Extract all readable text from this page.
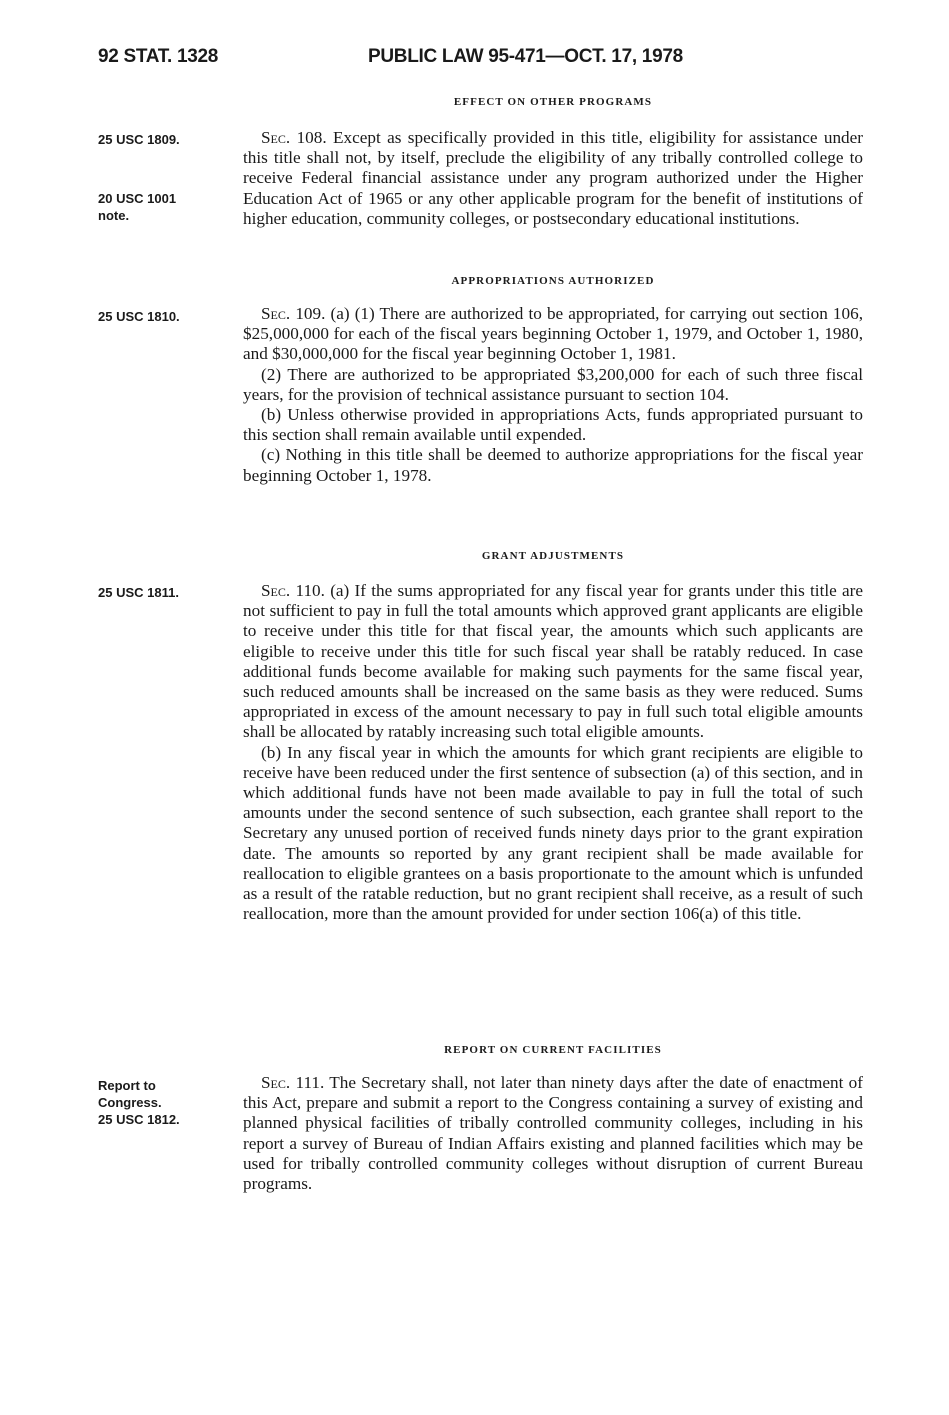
92 STAT. 1328	PUBLIC LAW 95-471—OCT. 17, 1978
EFFECT ON OTHER PROGRAMS
25 USC 1809.
20 USC 1001 note.

Sec. 108. Except as specifically provided in this title, eligibility for assistance under this title shall not, by itself, preclude the eligibility of any tribally controlled college to receive Federal financial assistance under any program authorized under the Higher Education Act of 1965 or any other applicable program for the benefit of institutions of higher education, community colleges, or postsecondary educational institutions.

APPROPRIATIONS AUTHORIZED
25 USC 1810.	Sec. 109. (a) (1) There are authorized to be appropriated, for carrying out section 106, $25,000,000 for each of the fiscal years beginning October 1, 1979, and October 1, 1980, and $30,000,000 for the fiscal year beginning October 1, 1981.

(2) There are authorized to be appropriated $3,200,000 for each of such three fiscal years, for the provision of technical assistance pursuant to section 104.

(b) Unless otherwise provided in appropriations Acts, funds appropriated pursuant to this section shall remain available until expended.

(c) Nothing in this title shall be deemed to authorize appropriations for the fiscal year beginning October 1, 1978.

GRANT ADJUSTMENTS
25 USC 1811.	Sec. 110. (a) If the sums appropriated for any fiscal year for grants under this title are not sufficient to pay in full the total amounts which approved grant applicants are eligible to receive under this title for that fiscal year, the amounts which such applicants are eligible to receive under this title for such fiscal year shall be ratably reduced. In case additional funds become available for making such payments for the same fiscal year, such reduced amounts shall be increased on the same basis as they were reduced. Sums appropriated in excess of the amount necessary to pay in full such total eligible amounts shall be allocated by ratably increasing such total eligible amounts.

(b) In any fiscal year in which the amounts for which grant recipients are eligible to receive have been reduced under the first sentence of subsection (a) of this section, and in which additional funds have not been made available to pay in full the total of such amounts under the second sentence of such subsection, each grantee shall report to the Secretary any unused portion of received funds ninety days prior to the grant expiration date. The amounts so reported by any grant recipient shall be made available for reallocation to eligible grantees on a basis proportionate to the amount which is unfunded as a result of the ratable reduction, but no grant recipient shall receive, as a result of such reallocation, more than the amount provided for under section 106(a) of this title.

REPORT ON CURRENT FACILITIES
Report to Congress.
25 USC 1812.

Sec. 111. The Secretary shall, not later than ninety days after the date of enactment of this Act, prepare and submit a report to the Congress containing a survey of existing and planned physical facilities of tribally controlled community colleges, including in his report a survey of Bureau of Indian Affairs existing and planned facilities which may be used for tribally controlled community colleges without disruption of current Bureau programs.
